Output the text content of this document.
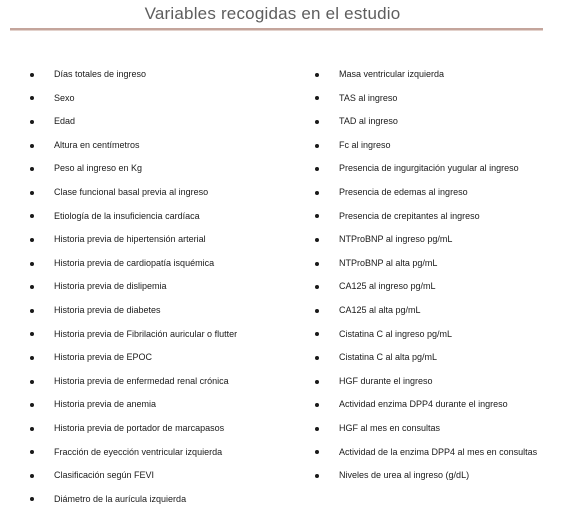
Variables recogidas en el estudio
Días totales de ingreso
Sexo
Edad
Altura en centímetros
Peso al ingreso en Kg
Clase funcional basal previa al ingreso
Etiología de la insuficiencia cardíaca
Historia previa de hipertensión arterial
Historia previa de cardiopatía isquémica
Historia previa de dislipemia
Historia previa de diabetes
Historia previa de Fibrilación auricular o flutter
Historia previa de EPOC
Historia previa de enfermedad renal crónica
Historia previa de anemia
Historia previa de portador de marcapasos
Fracción de eyección ventricular izquierda
Clasificación según FEVI
Diámetro de la aurícula izquierda
Masa ventricular izquierda
TAS al ingreso
TAD al ingreso
Fc al ingreso
Presencia de ingurgitación yugular al ingreso
Presencia de edemas al ingreso
Presencia de crepitantes al ingreso
NTProBNP al ingreso pg/mL
NTProBNP al alta pg/mL
CA125 al ingreso pg/mL
CA125 al alta pg/mL
Cistatina C al ingreso pg/mL
Cistatina C al alta pg/mL
HGF durante el ingreso
Actividad enzima DPP4 durante el ingreso
HGF al mes en consultas
Actividad de la enzima DPP4 al mes en consultas
Niveles de urea al ingreso (g/dL)
